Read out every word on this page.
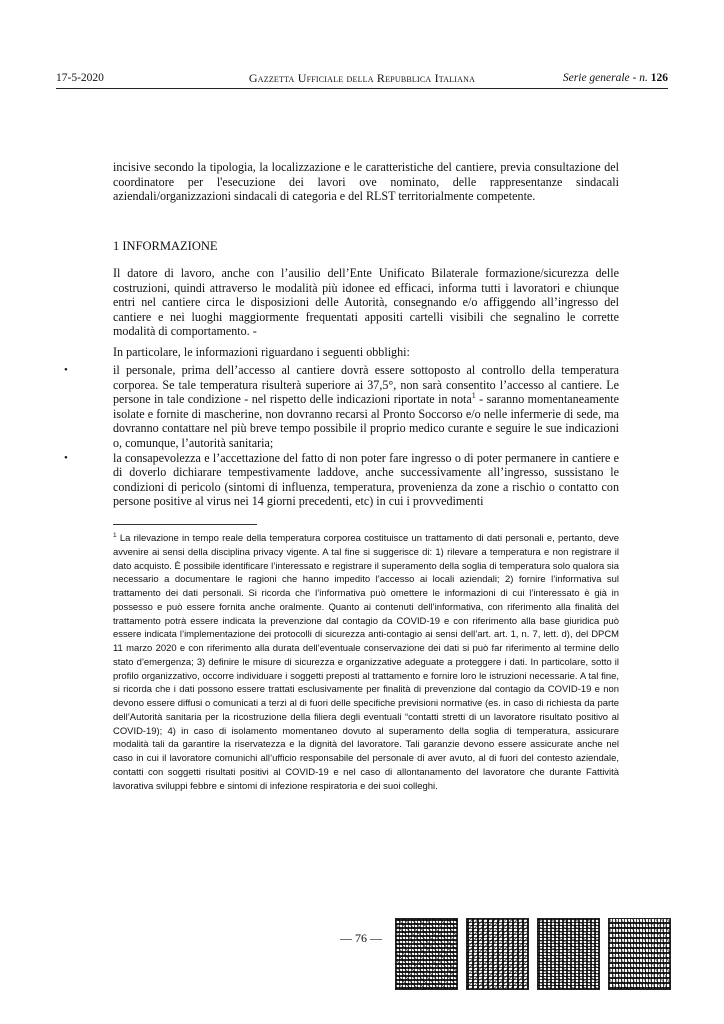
17-5-2020	Gazzetta Ufficiale della Repubblica Italiana	Serie generale - n. 126
incisive secondo la tipologia, la localizzazione e le caratteristiche del cantiere, previa consultazione del coordinatore per l'esecuzione dei lavori ove nominato, delle rappresentanze sindacali aziendali/organizzazioni sindacali di categoria e del RLST territorialmente competente.
1 INFORMAZIONE
Il datore di lavoro, anche con l’ausilio dell’Ente Unificato Bilaterale formazione/sicurezza delle costruzioni, quindi attraverso le modalità più idonee ed efficaci, informa tutti i lavoratori e chiunque entri nel cantiere circa le disposizioni delle Autorità, consegnando e/o affiggendo all’ingresso del cantiere e nei luoghi maggiormente frequentati appositi cartelli visibili che segnalino le corrette modalità di comportamento. -
In particolare, le informazioni riguardano i seguenti obblighi:
•	il personale, prima dell’accesso al cantiere dovrà essere sottoposto al controllo della temperatura corporea. Se tale temperatura risulterà superiore ai 37,5°, non sarà consentito l’accesso al cantiere. Le persone in tale condizione - nel rispetto delle indicazioni riportate in nota$^1$ - saranno momentaneamente isolate e fornite di mascherine, non dovranno recarsi al Pronto Soccorso e/o nelle infermerie di sede, ma dovranno contattare nel più breve tempo possibile il proprio medico curante e seguire le sue indicazioni o, comunque, l’autorità sanitaria;
•	la consapevolezza e l’accettazione del fatto di non poter fare ingresso o di poter permanere in cantiere e di doverlo dichiarare tempestivamente laddove, anche successivamente all’ingresso, sussistano le condizioni di pericolo (sintomi di influenza, temperatura, provenienza da zone a rischio o contatto con persone positive al virus nei 14 giorni precedenti, etc) in cui i provvedimenti
$^1$ La rilevazione in tempo reale della temperatura corporea costituisce un trattamento di dati personali e, pertanto, deve avvenire ai sensi della disciplina privacy vigente. A tal fine si suggerisce di: 1) rilevare a temperatura e non registrare il dato acquisto. È possibile identificare l’interessato e registrare il superamento della soglia di temperatura solo qualora sia necessario a documentare le ragioni che hanno impedito l’accesso ai locali aziendali; 2) fornire l’informativa sul trattamento dei dati personali. Si ricorda che l’informativa può omettere le informazioni di cui l’interessato è già in possesso e può essere fornita anche oralmente. Quanto ai contenuti dell’informativa, con riferimento alla finalità del trattamento potrà essere indicata la prevenzione dal contagio da COVID-19 e con riferimento alla base giuridica può essere indicata l’implementazione dei protocolli di sicurezza anti-contagio ai sensi dell’art. art. 1, n. 7, lett. d), del DPCM 11 marzo 2020 e con riferimento alla durata dell’eventuale conservazione dei dati si può far riferimento al termine dello stato d’emergenza; 3) definire le misure di sicurezza e organizzative adeguate a proteggere i dati. In particolare, sotto il profilo organizzativo, occorre individuare i soggetti preposti al trattamento e fornire loro le istruzioni necessarie. A tal fine, si ricorda che i dati possono essere trattati esclusivamente per finalità di prevenzione dal contagio da COVID-19 e non devono essere diffusi o comunicati a terzi al di fuori delle specifiche previsioni normative (es. in caso di richiesta da parte dell’Autorità sanitaria per la ricostruzione della filiera degli eventuali “contatti stretti di un lavoratore risultato positivo al COVID-19); 4) in caso di isolamento momentaneo dovuto al superamento della soglia di temperatura, assicurare modalità tali da garantire la riservatezza e la dignità del lavoratore. Tali garanzie devono essere assicurate anche nel caso in cui il lavoratore comunichi all’ufficio responsabile del personale di aver avuto, al di fuori del contesto aziendale, contatti con soggetti risultati positivi al COVID-19 e nel caso di allontanamento del lavoratore che durante Fattività lavorativa sviluppi febbre e sintomi di infezione respiratoria e dei suoi colleghi.
— 76 —
